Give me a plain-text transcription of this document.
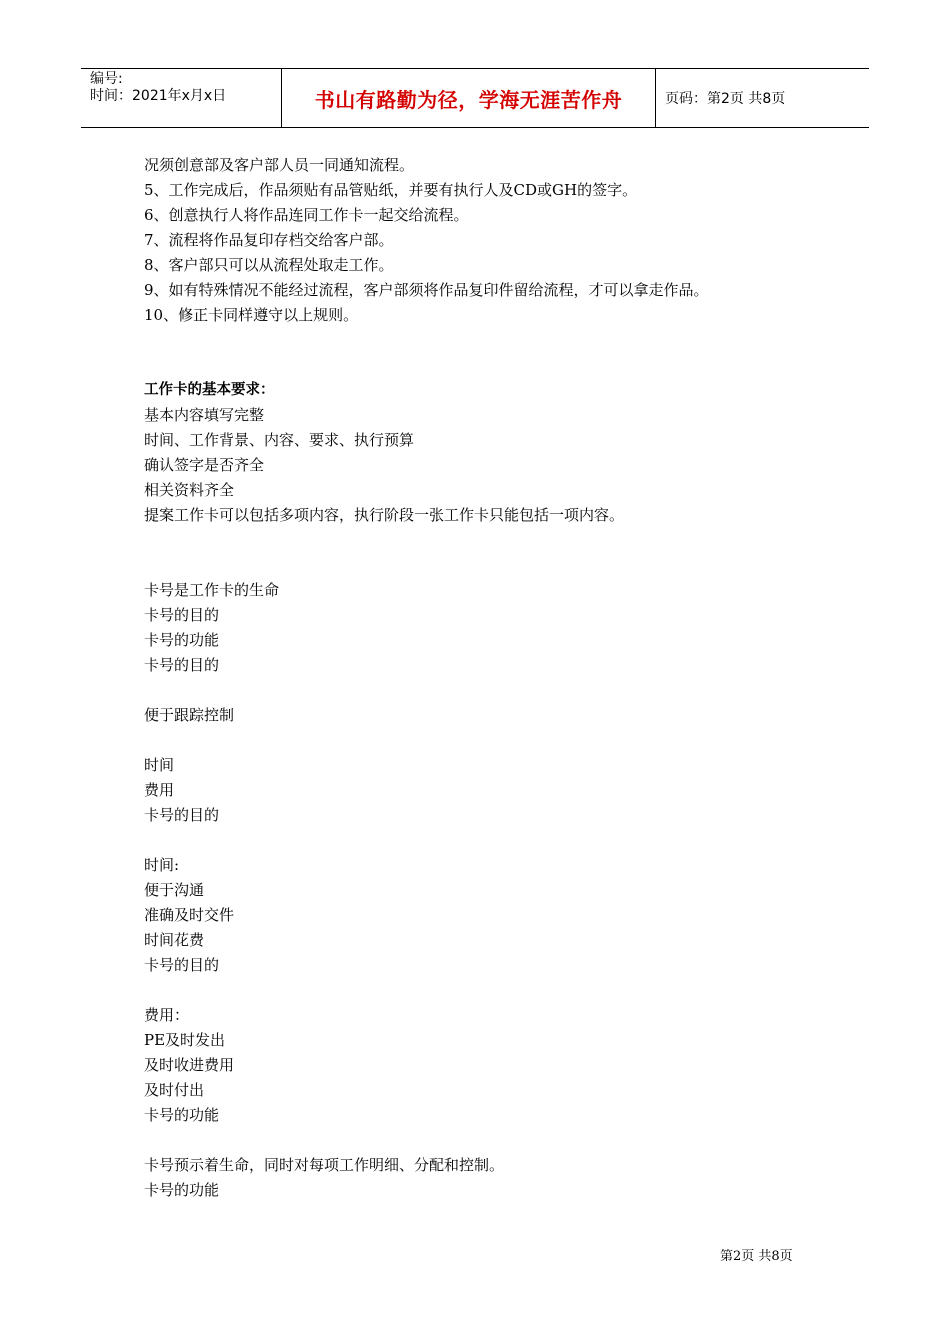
编号:
时间：2021年x月x日	书山有路勤为径，学海无涯苦作舟	页码：第2页 共8页
况须创意部及客户部人员一同通知流程。
5、工作完成后，作品须贴有品管贴纸，并要有执行人及CD或GH的签字。
6、创意执行人将作品连同工作卡一起交给流程。
7、流程将作品复印存档交给客户部。
8、客户部只可以从流程处取走工作。
9、如有特殊情况不能经过流程，客户部须将作品复印件留给流程，才可以拿走作品。
10、修正卡同样遵守以上规则。
工作卡的基本要求：
基本内容填写完整
时间、工作背景、内容、要求、执行预算
确认签字是否齐全
相关资料齐全
提案工作卡可以包括多项内容，执行阶段一张工作卡只能包括一项内容。
卡号是工作卡的生命
卡号的目的
卡号的功能
卡号的目的
便于跟踪控制
时间
费用
卡号的目的
时间:
便于沟通
准确及时交件
时间花费
卡号的目的
费用：
PE及时发出
及时收进费用
及时付出
卡号的功能
卡号预示着生命，同时对每项工作明细、分配和控制。
卡号的功能
第2页 共8页
